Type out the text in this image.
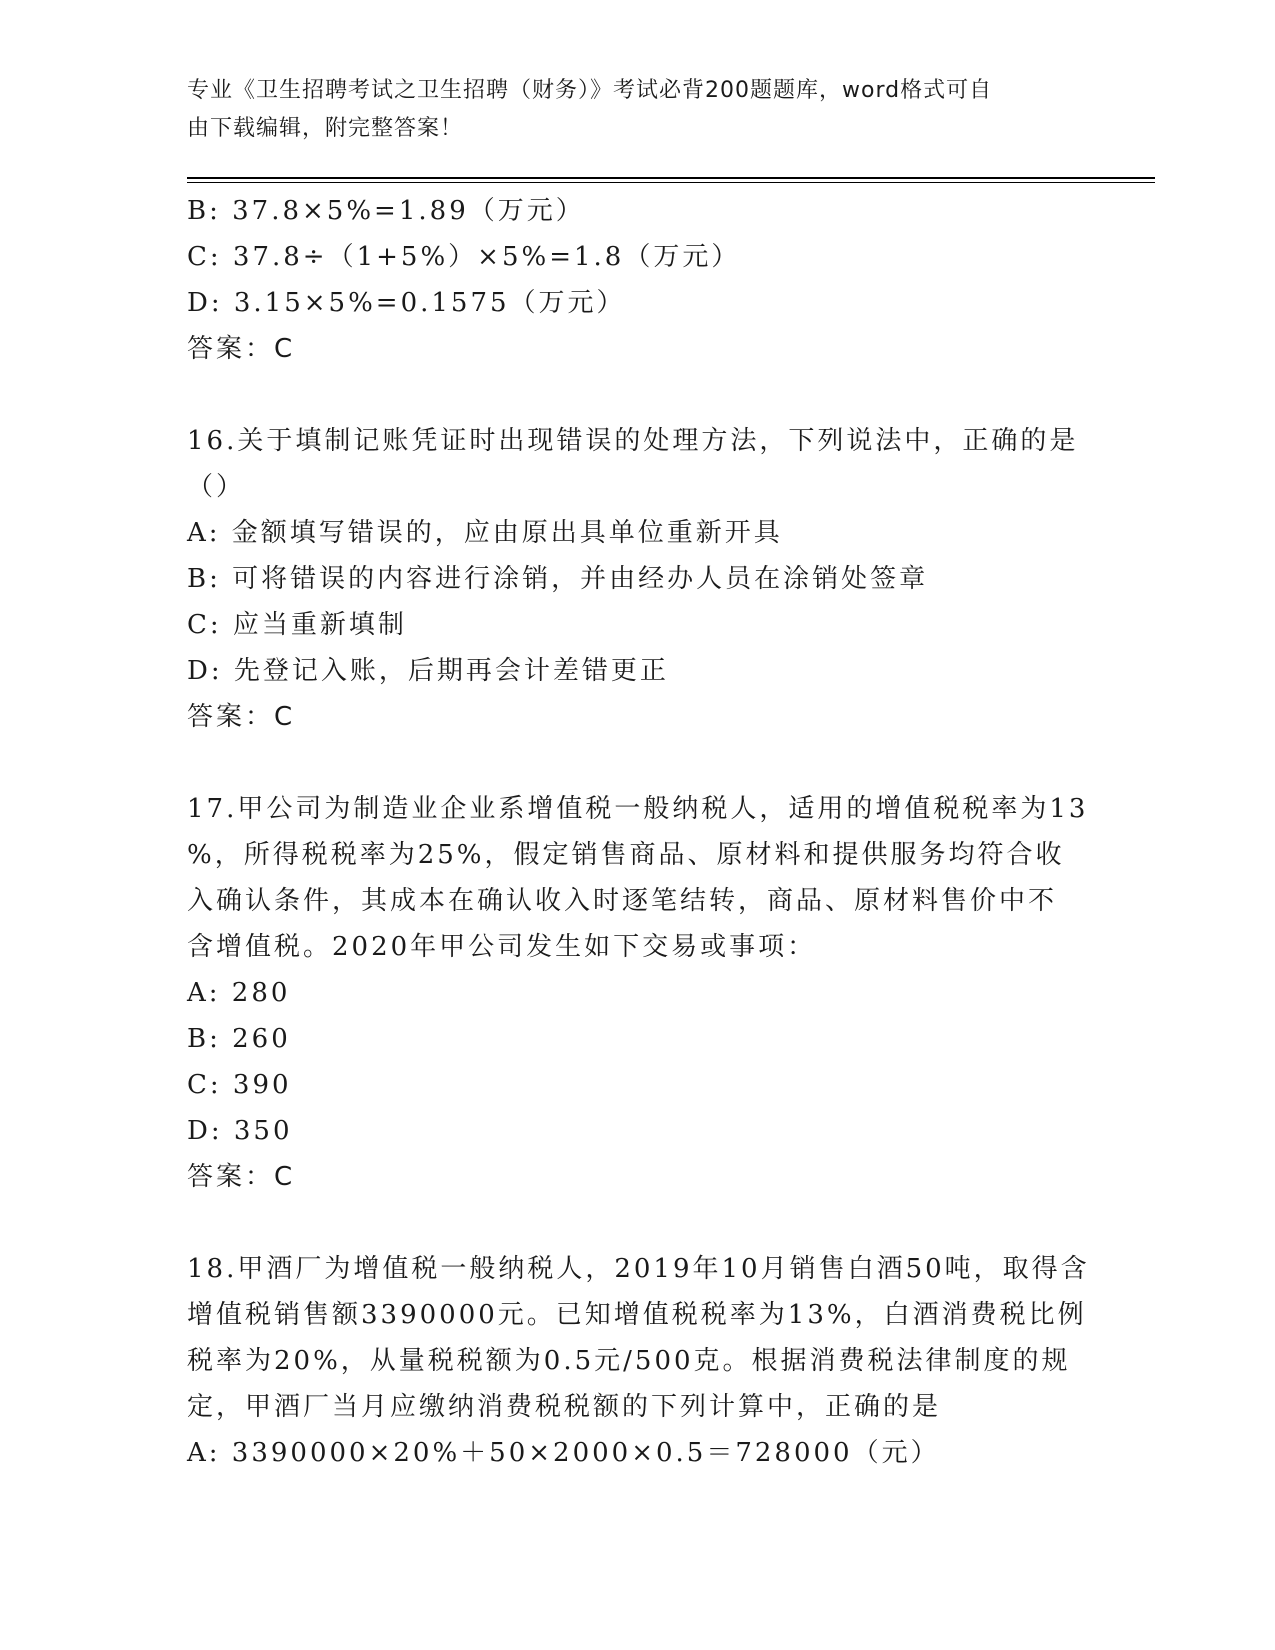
专业《卫生招聘考试之卫生招聘（财务）》考试必背200题题库，word格式可自
由下载编辑，附完整答案！
B: 37.8×5%=1.89（万元）
C: 37.8÷（1+5%）×5%=1.8（万元）
D: 3.15×5%=0.1575（万元）
答案：C
16.关于填制记账凭证时出现错误的处理方法，下列说法中，正确的是
（）
A: 金额填写错误的，应由原出具单位重新开具
B: 可将错误的内容进行涂销，并由经办人员在涂销处签章
C: 应当重新填制
D: 先登记入账，后期再会计差错更正
答案：C
17.甲公司为制造业企业系增值税一般纳税人，适用的增值税税率为13
%，所得税税率为25%，假定销售商品、原材料和提供服务均符合收
入确认条件，其成本在确认收入时逐笔结转，商品、原材料售价中不
含增值税。2020年甲公司发生如下交易或事项：
A: 280
B: 260
C: 390
D: 350
答案：C
18.甲酒厂为增值税一般纳税人，2019年10月销售白酒50吨，取得含
增值税销售额3390000元。已知增值税税率为13%，白酒消费税比例
税率为20%，从量税税额为0.5元/500克。根据消费税法律制度的规
定，甲酒厂当月应缴纳消费税税额的下列计算中，正确的是
A: 3390000×20%＋50×2000×0.5＝728000（元）
